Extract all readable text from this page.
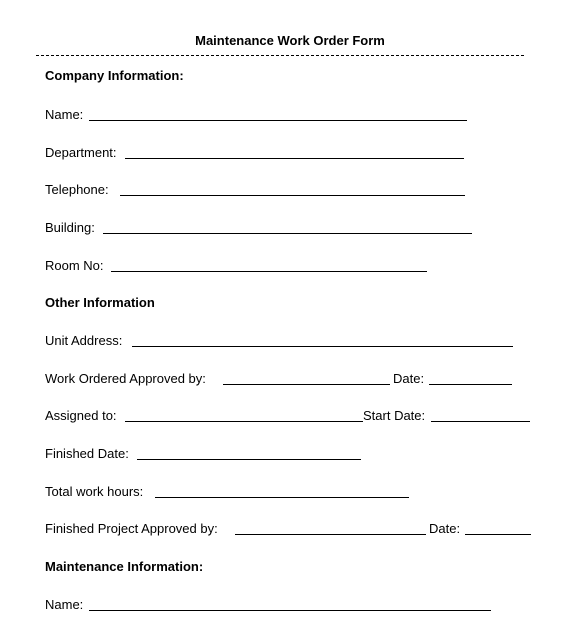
Maintenance Work Order Form
Company Information:
Name:
Department:
Telephone:
Building:
Room No:
Other Information
Unit Address:
Work Ordered Approved by:	Date:
Assigned to:	Start Date:
Finished Date:
Total work hours:
Finished Project Approved by:	Date:
Maintenance Information:
Name:
